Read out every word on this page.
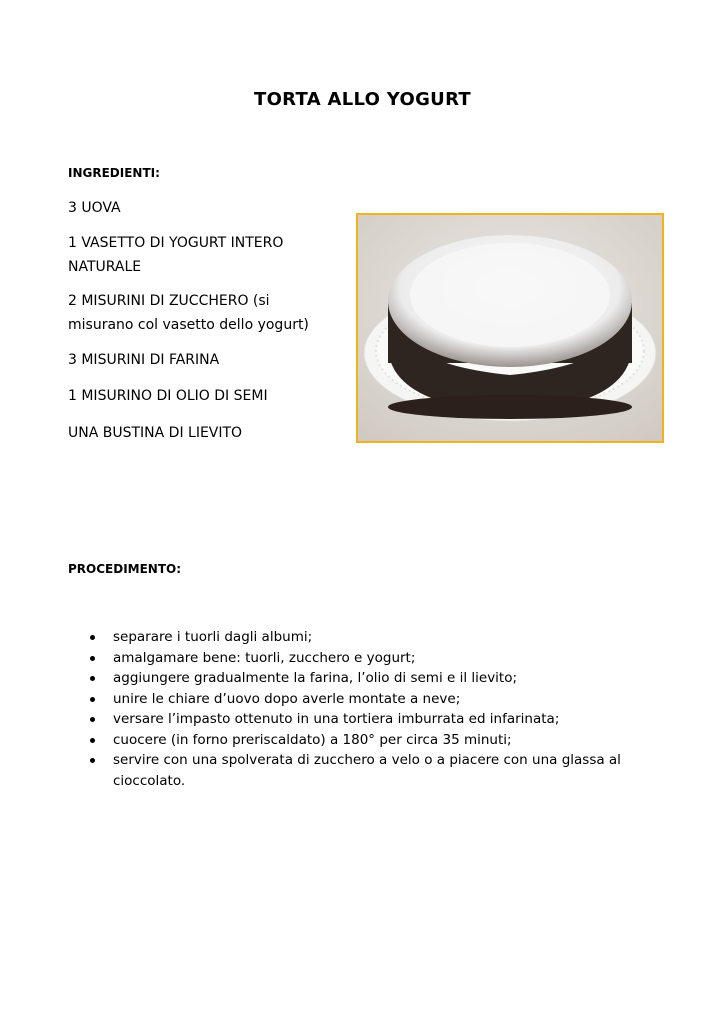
TORTA ALLO YOGURT
INGREDIENTI:
3 UOVA
1 VASETTO DI YOGURT INTERO NATURALE
2 MISURINI DI ZUCCHERO (si misurano col vasetto dello yogurt)
3 MISURINI DI FARINA
1 MISURINO DI OLIO DI SEMI
UNA BUSTINA DI LIEVITO
PROCEDIMENTO:
separare i tuorli dagli albumi;
amalgamare bene: tuorli, zucchero e yogurt;
aggiungere gradualmente la farina, l’olio di semi e il lievito;
unire le chiare d’uovo dopo averle montate a neve;
versare l’impasto ottenuto in una tortiera imburrata ed infarinata;
cuocere (in forno preriscaldato) a 180° per circa 35 minuti;
servire con una spolverata di zucchero a velo o a piacere con una glassa al cioccolato.
